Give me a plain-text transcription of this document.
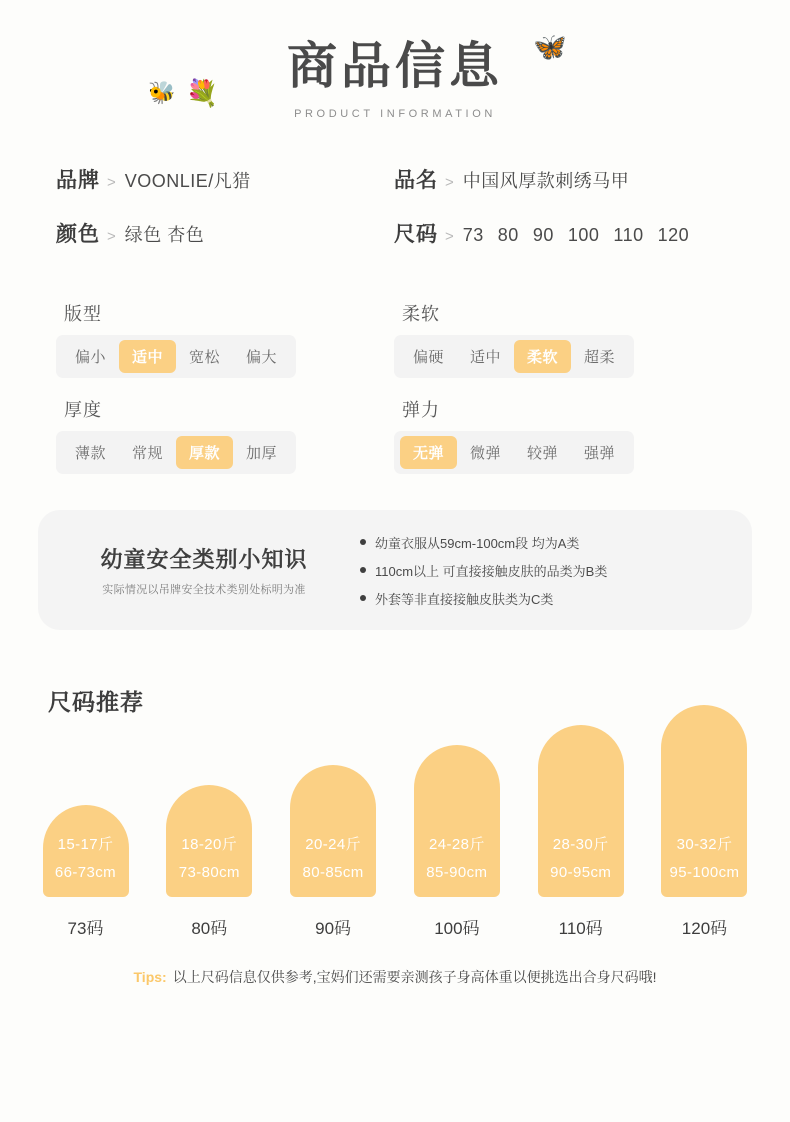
🐝 💐
🦋
商品信息
PRODUCT INFORMATION
品牌 > VOONLIE/凡猎	品名 > 中国风厚款刺绣马甲
颜色 > 绿色 杏色	尺码 > 73 80 90 100 110 120
版型
偏小	适中	宽松	偏大
柔软
偏硬	适中	柔软	超柔
厚度
薄款	常规	厚款	加厚
弹力
无弹	微弹	较弹	强弹
幼童安全类别小知识
实际情况以吊牌安全技术类别处标明为准
幼童衣服从59cm-100cm段 均为A类
110cm以上 可直接接触皮肤的品类为B类
外套等非直接接触皮肤类为C类
尺码推荐
15-17斤
66-73cm
73码
18-20斤
73-80cm
80码
20-24斤
80-85cm
90码
24-28斤
85-90cm
100码
28-30斤
90-95cm
110码
30-32斤
95-100cm
120码
Tips: 以上尺码信息仅供参考,宝妈们还需要亲测孩子身高体重以便挑选出合身尺码哦!
